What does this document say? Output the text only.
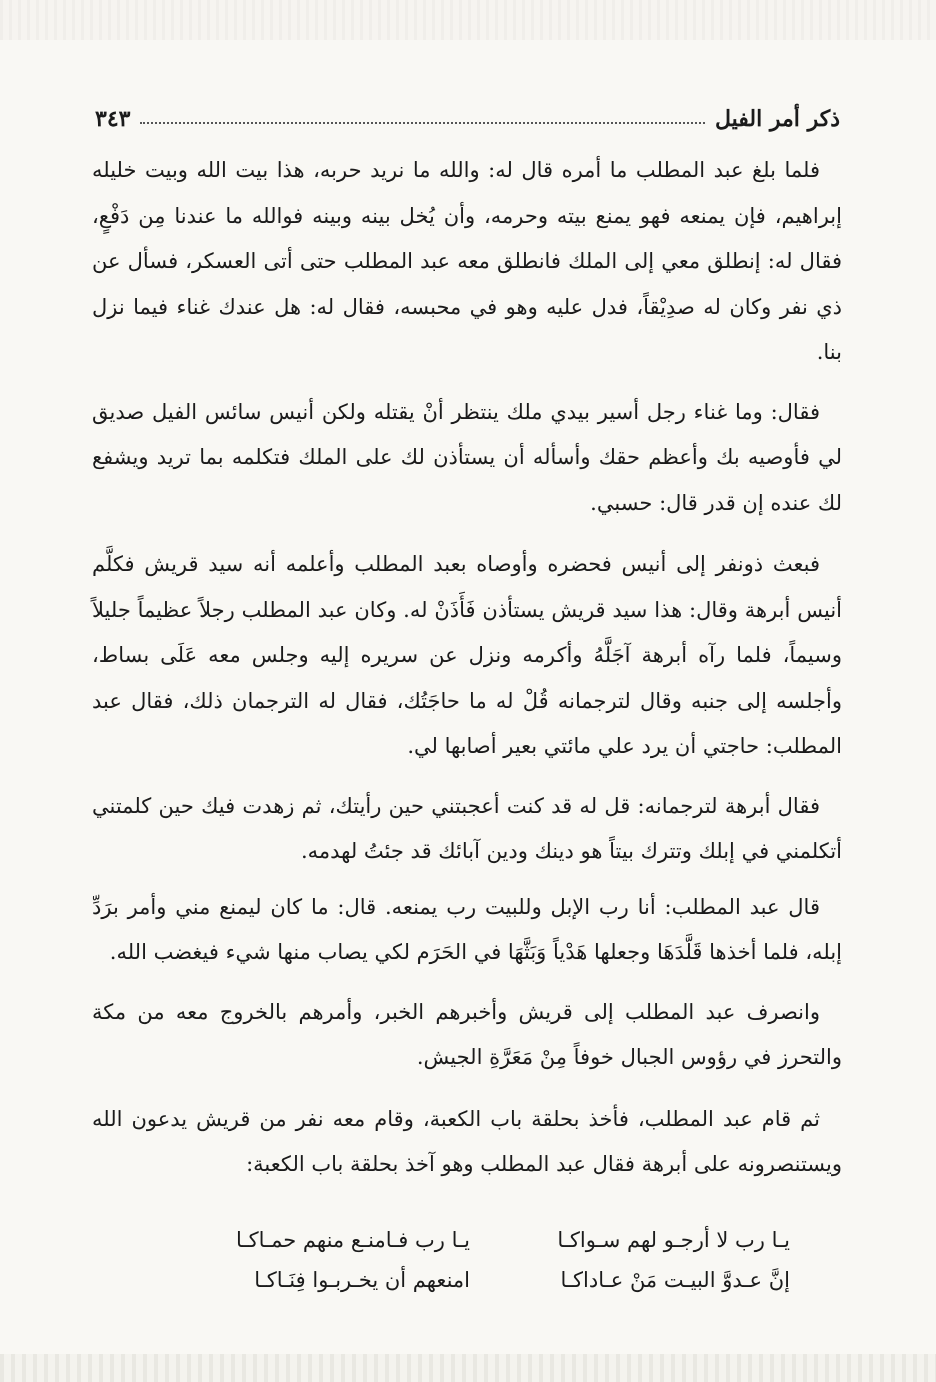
ذكر أمر الفيل
٣٤٣

فلما بلغ عبد المطلب ما أمره قال له: والله ما نريد حربه، هذا بيت الله وبيت خليله إبراهيم، فإن يمنعه فهو يمنع بيته وحرمه، وأن يُخل بينه وبينه فوالله ما عندنا مِن دَفْعٍ، فقال له: إنطلق معي إلى الملك فانطلق معه عبد المطلب حتى أتى العسكر، فسأل عن ذي نفر وكان له صدِيْقاً، فدل عليه وهو في محبسه، فقال له: هل عندك غناء فيما نزل بنا.

فقال: وما غناء رجل أسير بيدي ملك ينتظر أنْ يقتله ولكن أنيس سائس الفيل صديق لي فأوصيه بك وأعظم حقك وأسأله أن يستأذن لك على الملك فتكلمه بما تريد ويشفع لك عنده إن قدر قال: حسبي.

فبعث ذونفر إلى أنيس فحضره وأوصاه بعبد المطلب وأعلمه أنه سيد قريش فكلَّم أنيس أبرهة وقال: هذا سيد قريش يستأذن فَأَذَنْ له. وكان عبد المطلب رجلاً عظيماً جليلاً وسيماً، فلما رآه أبرهة آجَلَّهُ وأكرمه ونزل عن سريره إليه وجلس معه عَلَى بساط، وأجلسه إلى جنبه وقال لترجمانه قُلْ له ما حاجَتُك، فقال له الترجمان ذلك، فقال عبد المطلب: حاجتي أن يرد علي مائتي بعير أصابها لي.

فقال أبرهة لترجمانه: قل له قد كنت أعجبتني حين رأيتك، ثم زهدت فيك حين كلمتني أتكلمني في إبلك وتترك بيتاً هو دينك ودين آبائك قد جئتُ لهدمه.

قال عبد المطلب: أنا رب الإبل وللبيت رب يمنعه. قال: ما كان ليمنع مني وأمر برَدِّ إبله، فلما أخذها قَلَّدَهَا وجعلها هَدْياً وَبَثَّهَا في الحَرَم لكي يصاب منها شيء فيغضب الله.

وانصرف عبد المطلب إلى قريش وأخبرهم الخبر، وأمرهم بالخروج معه من مكة والتحرز في رؤوس الجبال خوفاً مِنْ مَعَرَّةِ الجيش.

ثم قام عبد المطلب، فأخذ بحلقة باب الكعبة، وقام معه نفر من قريش يدعون الله ويستنصرونه على أبرهة فقال عبد المطلب وهو آخذ بحلقة باب الكعبة:

يـا رب لا أرجـو لهم سـواكـا
يـا رب فـامنـع منهم حمـاكـا
إنَّ عـدوَّ البيـت مَنْ عـاداكـا
امنعهم أن يخـربـوا فِنَـاكـا
